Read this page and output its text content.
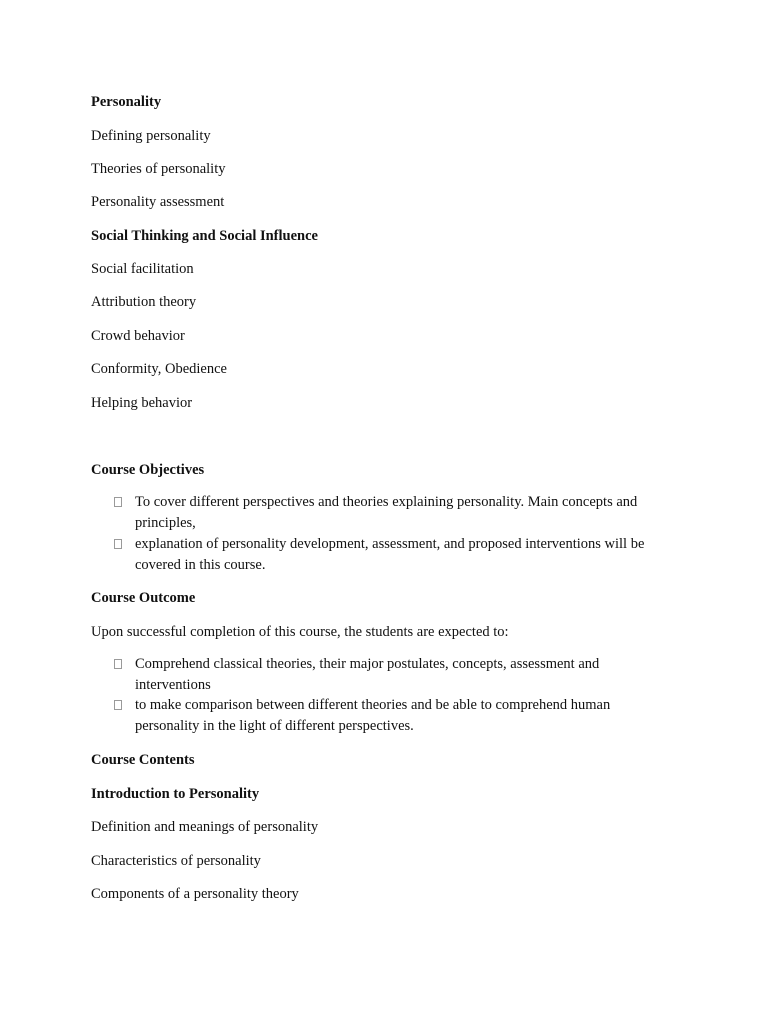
Personality
Defining personality
Theories of personality
Personality assessment
Social Thinking and Social Influence
Social facilitation
Attribution theory
Crowd behavior
Conformity, Obedience
Helping behavior
Course Objectives
To cover different perspectives and theories explaining personality. Main concepts and principles,
explanation of personality development, assessment, and proposed interventions will be covered in this course.
Course Outcome
Upon successful completion of this course, the students are expected to:
Comprehend classical theories, their major postulates, concepts, assessment and interventions
to make comparison between different theories and be able to comprehend human personality in the light of different perspectives.
Course Contents
Introduction to Personality
Definition and meanings of personality
Characteristics of personality
Components of a personality theory
